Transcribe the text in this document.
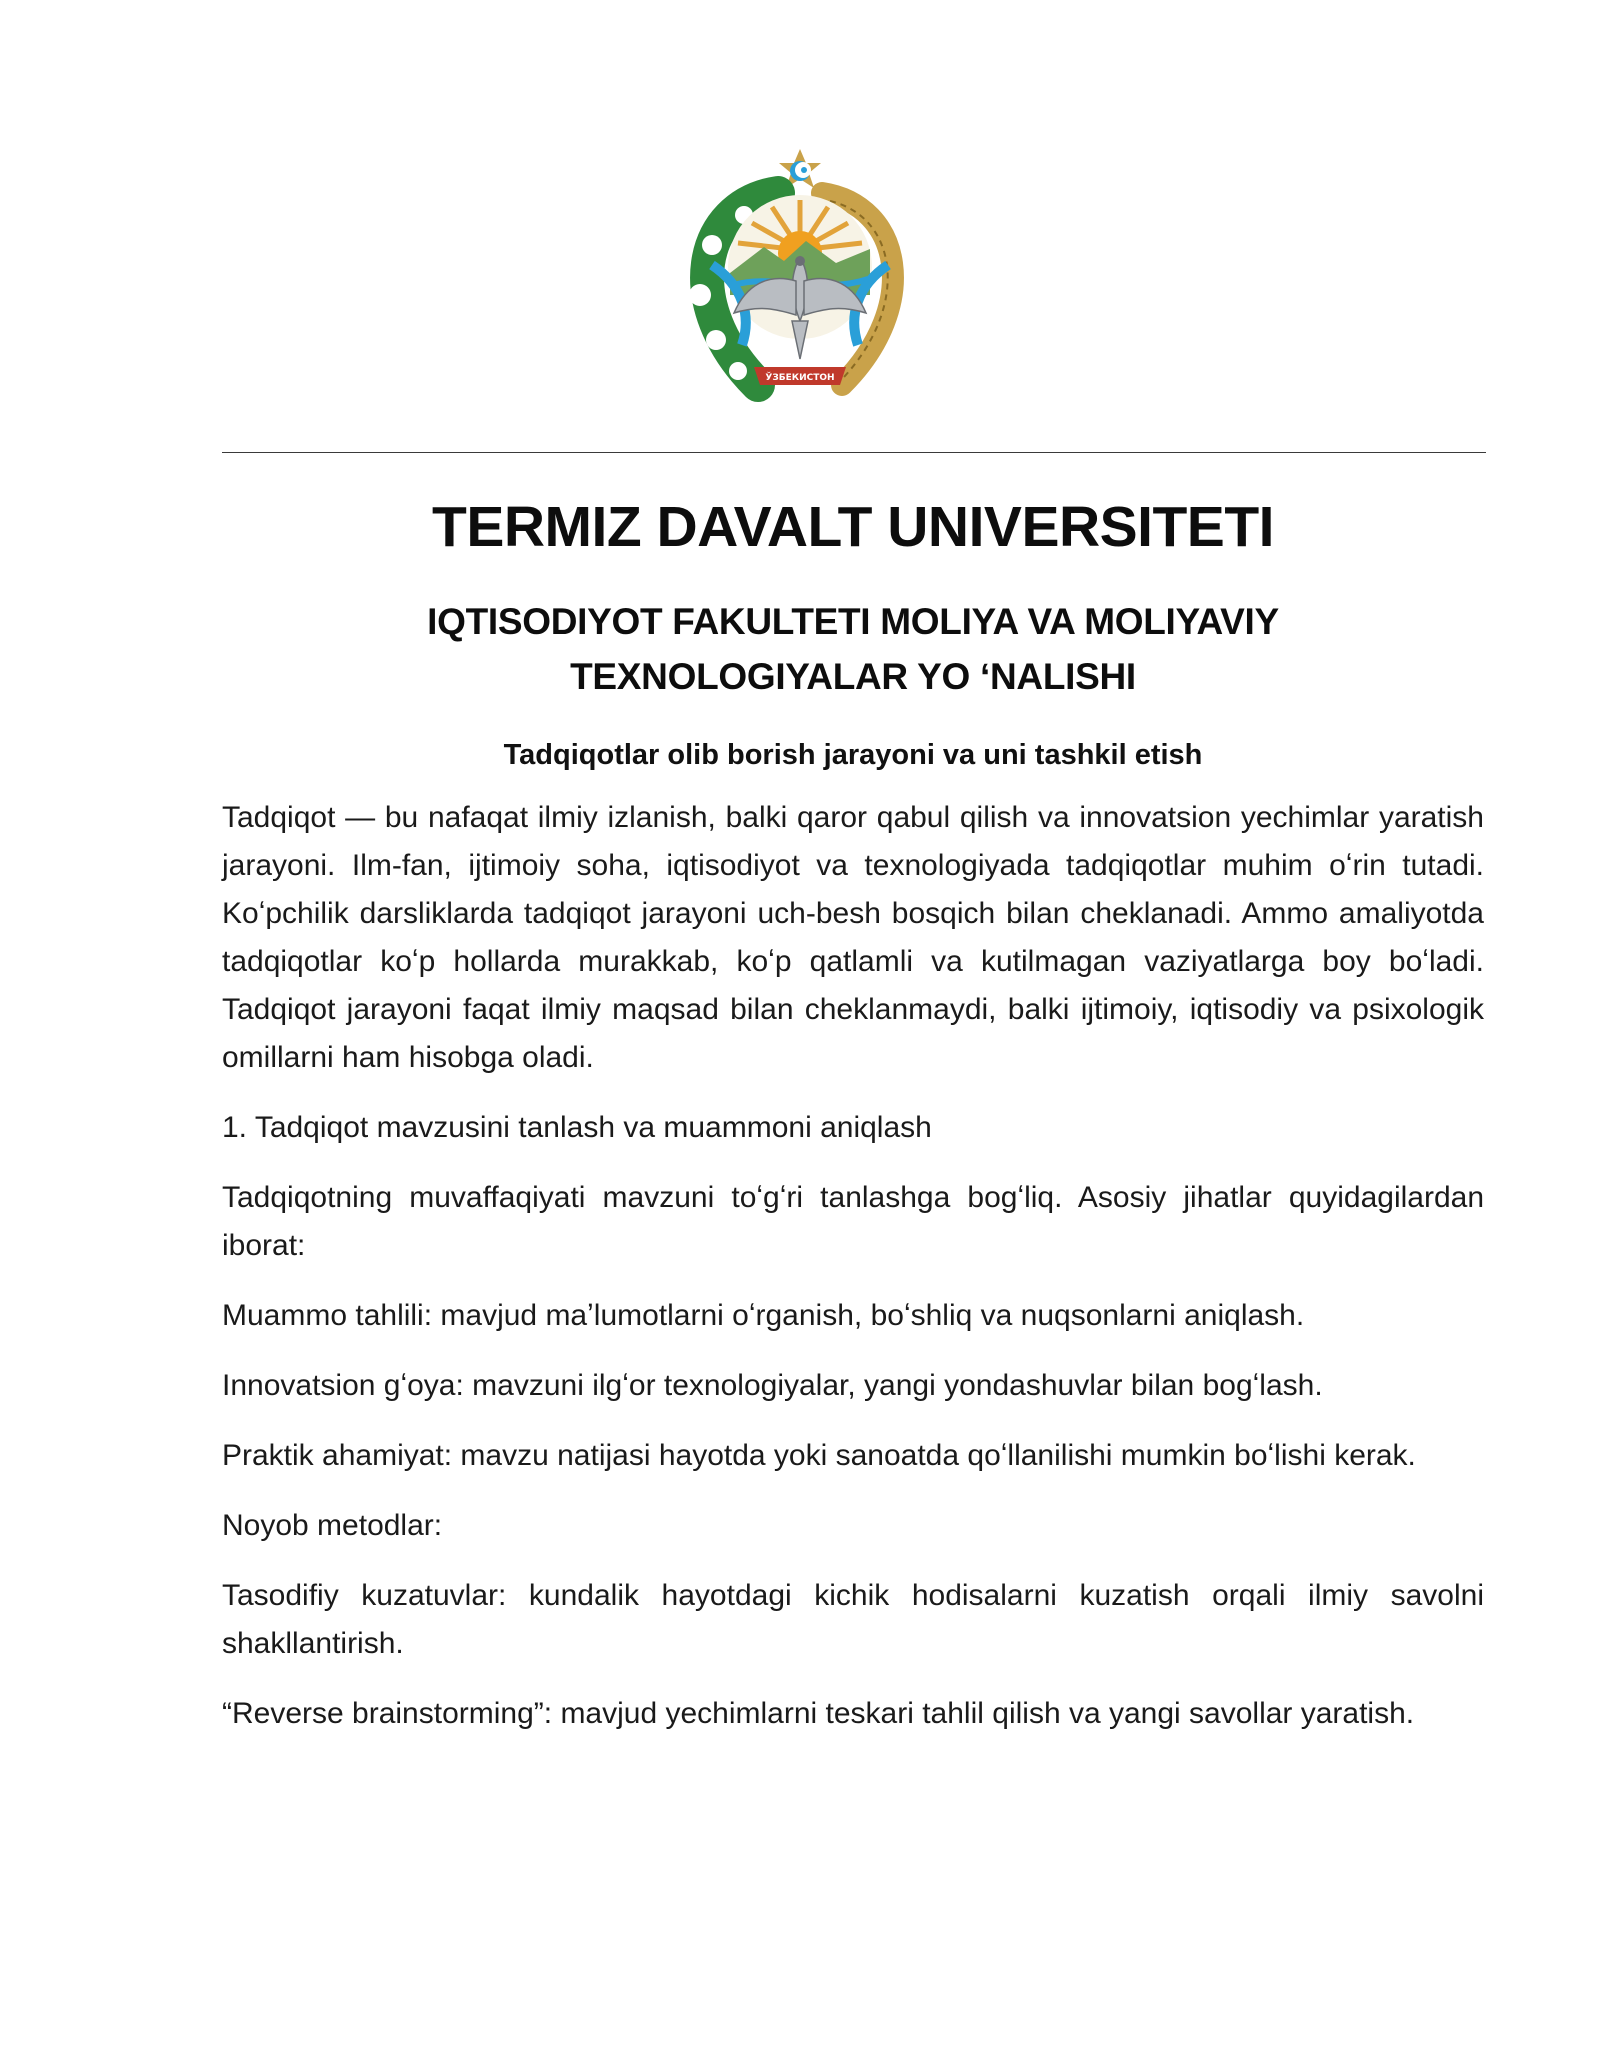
ЎЗБЕКИСТОН
TERMIZ DAVALT UNIVERSITETI
IQTISODIYOT FAKULTETI MOLIYA VA MOLIYAVIY
TEXNOLOGIYALAR YO ‘NALISHI
Tadqiqotlar olib borish jarayoni va uni tashkil etish

Tadqiqot — bu nafaqat ilmiy izlanish, balki qaror qabul qilish va innovatsion yechimlar yaratish jarayoni. Ilm-fan, ijtimoiy soha, iqtisodiyot va texnologiyada tadqiqotlar muhim oʻrin tutadi. Koʻpchilik darsliklarda tadqiqot jarayoni uch-besh bosqich bilan cheklanadi. Ammo amaliyotda tadqiqotlar koʻp hollarda murakkab, koʻp qatlamli va kutilmagan vaziyatlarga boy boʻladi. Tadqiqot jarayoni faqat ilmiy maqsad bilan cheklanmaydi, balki ijtimoiy, iqtisodiy va psixologik omillarni ham hisobga oladi.

1. Tadqiqot mavzusini tanlash va muammoni aniqlash

Tadqiqotning muvaffaqiyati mavzuni toʻgʻri tanlashga bogʻliq. Asosiy jihatlar quyidagilardan iborat:

Muammo tahlili: mavjud maʼlumotlarni oʻrganish, boʻshliq va nuqsonlarni aniqlash.

Innovatsion gʻoya: mavzuni ilgʻor texnologiyalar, yangi yondashuvlar bilan bogʻlash.

Praktik ahamiyat: mavzu natijasi hayotda yoki sanoatda qoʻllanilishi mumkin boʻlishi kerak.

Noyob metodlar:

Tasodifiy kuzatuvlar: kundalik hayotdagi kichik hodisalarni kuzatish orqali ilmiy savolni shakllantirish.

“Reverse brainstorming”: mavjud yechimlarni teskari tahlil qilish va yangi savollar yaratish.
